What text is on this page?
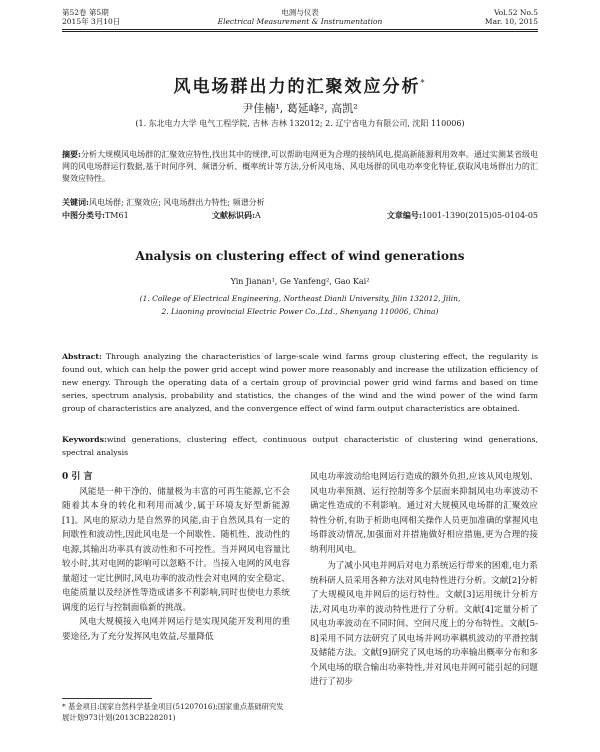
第52卷 第5期
2015年 3月10日
电测与仪表
Electrical Measurement & Instrumentation
Vol.52 No.5
Mar. 10, 2015
风电场群出力的汇聚效应分析*
尹佳楠¹, 葛延峰², 高凯²
(1. 东北电力大学 电气工程学院, 吉林 吉林 132012; 2. 辽宁省电力有限公司, 沈阳 110006)
摘要:分析大规模风电场群的汇聚效应特性,找出其中的规律,可以帮助电网更为合理的接纳风电,提高新能源利用效率。通过实测某省级电网的风电场群运行数据,基于时间序列、频谱分析、概率统计等方法,分析风电场、风电场群的风电功率变化特征,获取风电场群出力的汇聚效应特性。
关键词:风电场群; 汇聚效应; 风电场群出力特性; 频谱分析
中图分类号:TM61	文献标识码:A	文章编号:1001-1390(2015)05-0104-05
Analysis on clustering effect of wind generations
Yin Jianan¹, Ge Yanfeng², Gao Kai²
(1. College of Electrical Engineering, Northeast Dianli University, Jilin 132012, Jilin,
2. Liaoning provincial Electric Power Co.,Ltd., Shenyang 110006, China)
Abstract: Through analyzing the characteristics of large-scale wind farms group clustering effect, the regularity is found out, which can help the power grid accept wind power more reasonably and increase the utilization efficiency of new energy. Through the operating data of a certain group of provincial power grid wind farms and based on time series, spectrum analysis, probability and statistics, the changes of the wind and the wind power of the wind farm group of characteristics are analyzed, and the convergence effect of wind farm output characteristics are obtained.
Keywords:wind generations, clustering effect, continuous output characteristic of clustering wind generations, spectral analysis
0 引 言

风能是一种干净的、储量极为丰富的可再生能源,它不会随着其本身的转化和利用而减少,属于环境友好型新能源[1]。风电的原动力是自然界的风能,由于自然风具有一定的间歇性和波动性,因此风电是一个间歇性、随机性、波动性的电源,其输出功率具有波动性和不可控性。当并网风电容量比较小时,其对电网的影响可以忽略不计。当接入电网的风电容量超过一定比例时,风电功率的波动性会对电网的安全稳定、电能质量以及经济性等造成诸多不利影响,同时也使电力系统调度的运行与控制面临新的挑战。

风电大规模接入电网并网运行是实现风能开发利用的重要途径,为了充分发挥风电效益,尽量降低

* 基金项目:国家自然科学基金项目(51207016);国家重点基础研究发展计划973计划(2013CB228201)

风电功率波动给电网运行造成的额外负担,应该从风电规划、风电功率预测、运行控制等多个层面来抑制风电功率波动不确定性造成的不利影响。通过对大规模风电场群的汇聚效应特性分析,有助于析助电网相关操作人员更加准确的掌握风电场群波动情况,加强面对并措施做好相应措施,更为合理的接纳利用风电。

为了减小风电并网后对电力系统运行带来的困难,电力系统科研人员采用各种方法对风电特性进行分析。文献[2]分析了大规模风电并网后的运行特性。文献[3]运用统计分析方法,对风电功率的波动特性进行了分析。文献[4]定量分析了风电功率波动在不同时间、空间尺度上的分布特性。文献[5-8]采用不同方法研究了风电场并网功率耦机波动的平滑控制及储能方法。文献[9]研究了风电场的功率输出概率分布和多个风电场的联合输出功率特性,并对风电并网可能引起的问题进行了初步
